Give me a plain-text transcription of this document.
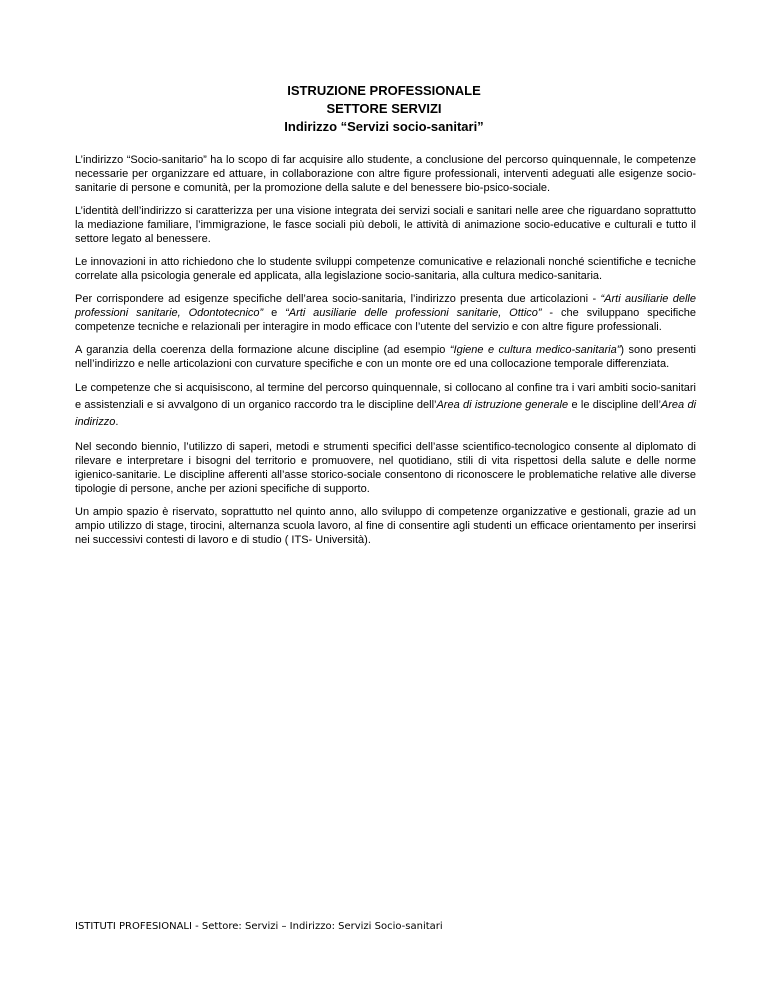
ISTRUZIONE PROFESSIONALE
SETTORE SERVIZI
Indirizzo “Servizi socio-sanitari”

L’indirizzo “Socio-sanitario” ha lo scopo di far acquisire allo studente, a conclusione del percorso quinquennale, le competenze necessarie per organizzare ed attuare, in collaborazione con altre figure professionali, interventi adeguati alle esigenze socio-sanitarie di persone e comunità, per la promozione della salute e del benessere bio-psico-sociale.

L’identità dell’indirizzo si caratterizza per una visione integrata dei servizi sociali e sanitari nelle aree che riguardano soprattutto la mediazione familiare, l’immigrazione, le fasce sociali più deboli, le attività di animazione socio-educative e culturali e tutto il settore legato al benessere.

Le innovazioni in atto richiedono che lo studente sviluppi competenze comunicative e relazionali nonché scientifiche e tecniche correlate alla psicologia generale ed applicata, alla legislazione socio-sanitaria, alla cultura medico-sanitaria.

Per corrispondere ad esigenze specifiche dell’area socio-sanitaria, l’indirizzo presenta due articolazioni - “Arti ausiliarie delle professioni sanitarie, Odontotecnico” e “Arti ausiliarie delle professioni sanitarie, Ottico” - che sviluppano specifiche competenze tecniche e relazionali per interagire in modo efficace con l’utente del servizio e con altre figure professionali.

A garanzia della coerenza della formazione alcune discipline (ad esempio “Igiene e cultura medico-sanitaria”) sono presenti nell’indirizzo e nelle articolazioni con curvature specifiche e con un monte ore ed una collocazione temporale differenziata.

Le competenze che si acquisiscono, al termine del percorso quinquennale, si collocano al confine tra i vari ambiti socio-sanitari e assistenziali e si avvalgono di un organico raccordo tra le discipline dell’Area di istruzione generale e le discipline dell’Area di indirizzo.

Nel secondo biennio, l’utilizzo di saperi, metodi e strumenti specifici dell’asse scientifico-tecnologico consente al diplomato di rilevare e interpretare i bisogni del territorio e promuovere, nel quotidiano, stili di vita rispettosi della salute e delle norme igienico-sanitarie. Le discipline afferenti all’asse storico-sociale consentono di riconoscere le problematiche relative alle diverse tipologie di persone, anche per azioni specifiche di supporto.

Un ampio spazio è riservato, soprattutto nel quinto anno, allo sviluppo di competenze organizzative e gestionali, grazie ad un ampio utilizzo di stage, tirocini, alternanza scuola lavoro, al fine di consentire agli studenti un efficace orientamento per inserirsi nei successivi contesti di lavoro e di studio ( ITS- Università).

ISTITUTI PROFESIONALI - Settore: Servizi – Indirizzo: Servizi Socio-sanitari
